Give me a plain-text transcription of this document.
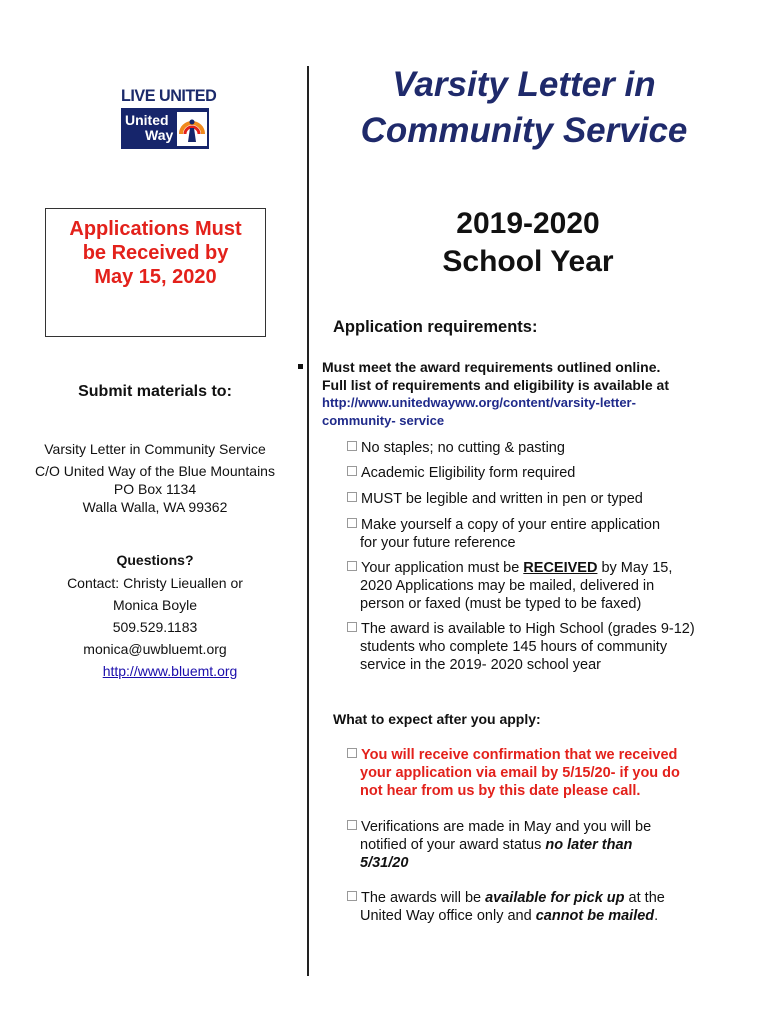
LIVE UNITED
United
Way
Varsity Letter in
Community Service
2019-2020
School Year
Applications Must
be Received by
May 15, 2020
Submit materials to:
Varsity Letter in Community Service
C/O United Way of the Blue Mountains
PO Box 1134
Walla Walla, WA 99362
Questions?
Contact: Christy Lieuallen or
Monica Boyle
509.529.1183
monica@uwbluemt.org
http://www.bluemt.org
Application requirements:
Must meet the award requirements outlined online.
Full list of requirements and eligibility is available at
http://www.unitedwayww.org/content/varsity-letter-
community- service
No staples; no cutting & pasting
Academic Eligibility form required
MUST be legible and written in pen or typed
Make yourself a copy of your entire application
for your future reference
Your application must be RECEIVED by May 15,
2020 Applications may be mailed, delivered in
person or faxed (must be typed to be faxed)
The award is available to High School (grades 9-12)
students who complete 145 hours of community
service in the 2019- 2020 school year
What to expect after you apply:
You will receive confirmation that we received
your application via email by 5/15/20- if you do
not hear from us by this date please call.
Verifications are made in May and you will be
notified of your award status no later than
5/31/20
The awards will be available for pick up at the
United Way office only and cannot be mailed.
